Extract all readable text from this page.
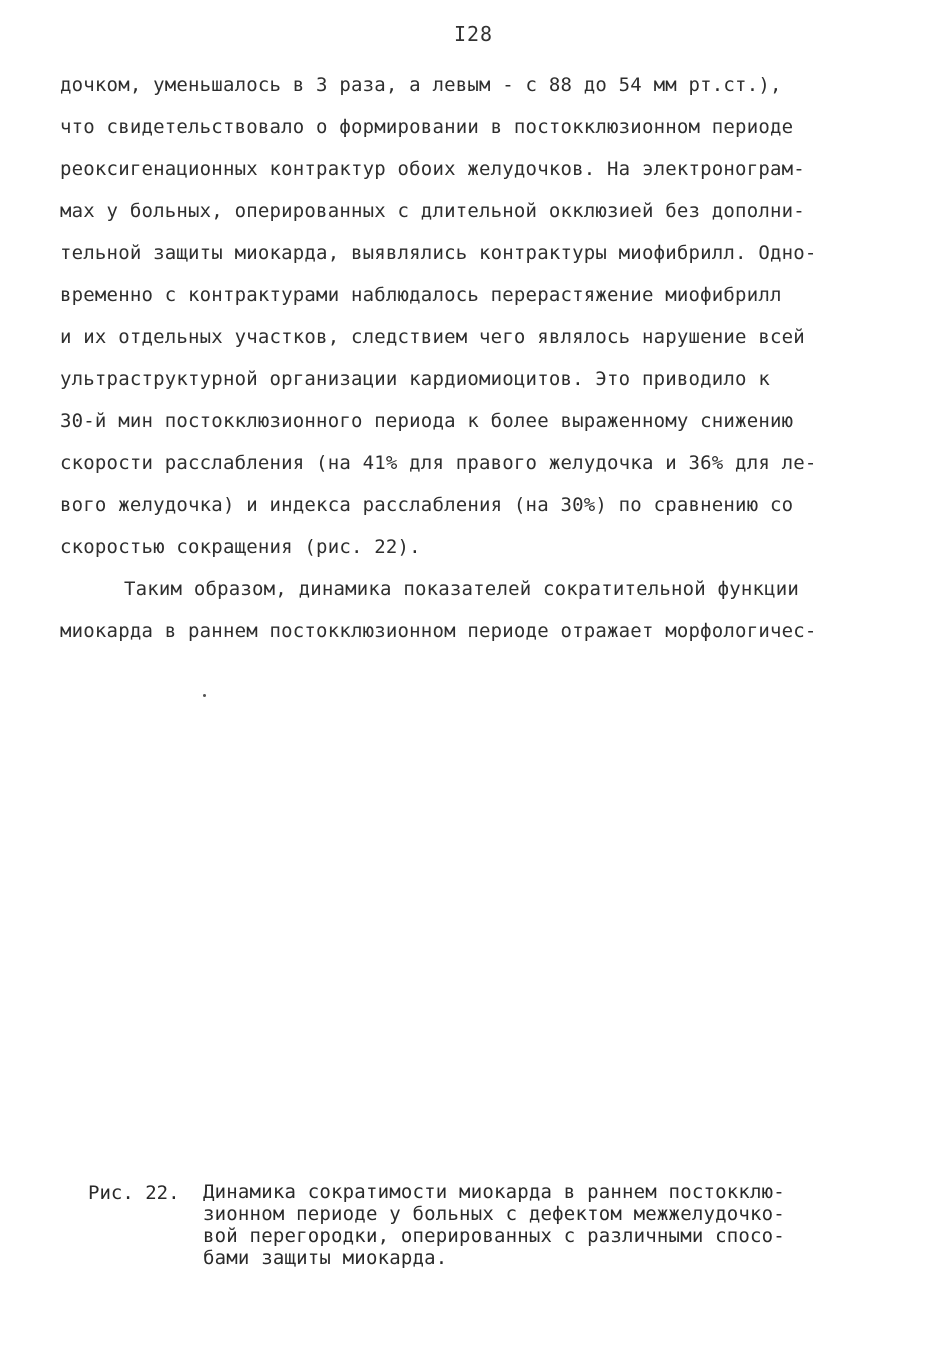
I28
дочком, уменьшалось в 3 раза, а левым - с 88 до 54 мм рт.ст.),
что свидетельствовало о формировании в постокклюзионном периоде
реоксигенационных контрактур обоих желудочков. На электронограм-
мах у больных, оперированных с длительной окклюзией без дополни-
тельной защиты миокарда, выявлялись контрактуры миофибрилл. Одно-
временно с контрактурами наблюдалось перерастяжение миофибрилл
и их отдельных участков, следствием чего являлось нарушение всей
ультраструктурной организации кардиомиоцитов. Это приводило к
30-й мин постокклюзионного периода к более выраженному снижению
скорости расслабления (на 41% для правого желудочка и 36% для ле-
вого желудочка) и индекса расслабления (на 30%) по сравнению со
скоростью сокращения (рис. 22).
Таким образом, динамика показателей сократительной функции
миокарда в раннем постокклюзионном периоде отражает морфологичес-
Рис. 22. Динамика сократимости миокарда в раннем постокклю-
зионном периоде у больных с дефектом межжелудочко-
вой перегородки, оперированных с различными спосо-
бами защиты миокарда.
